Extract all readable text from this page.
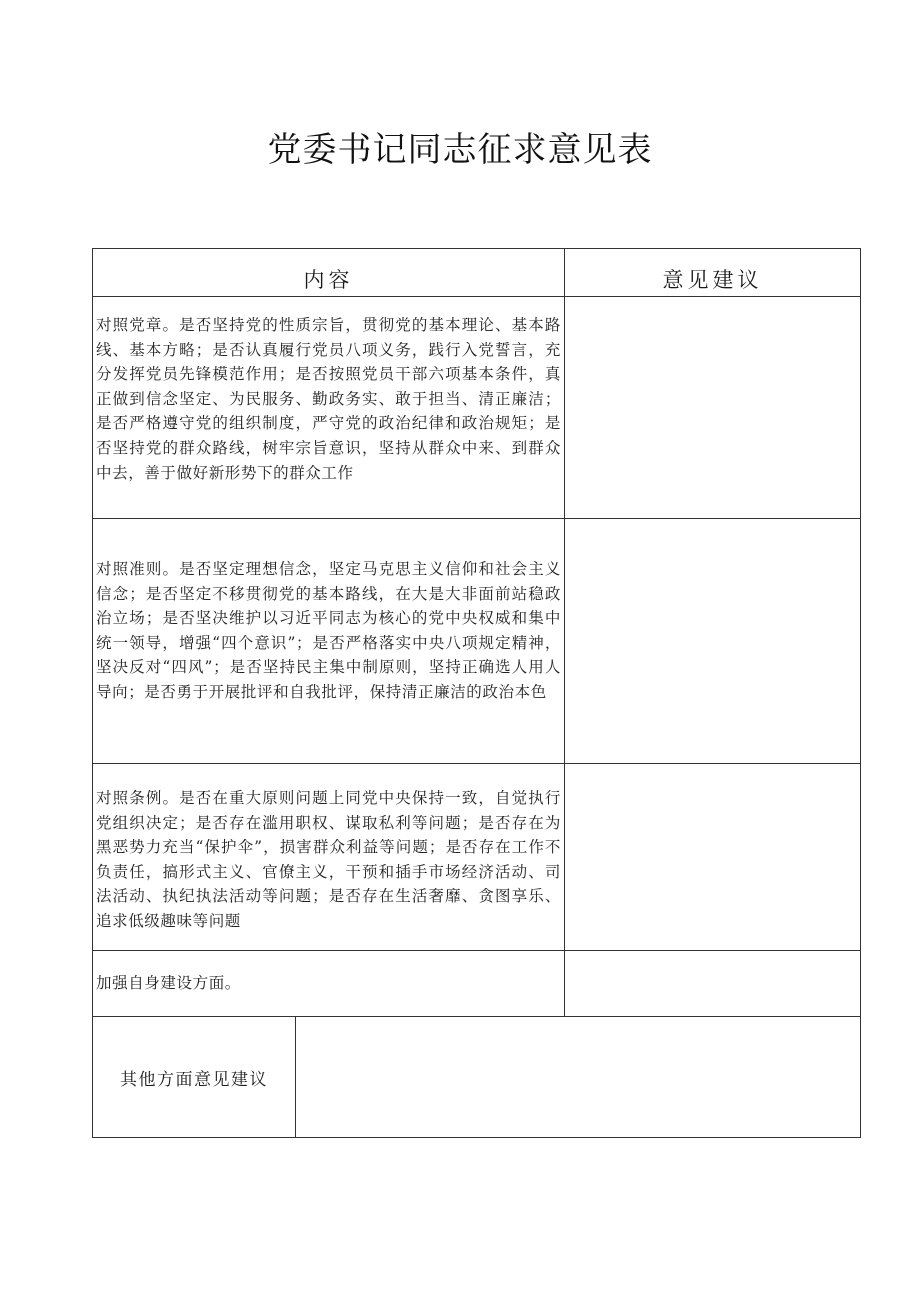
党委书记同志征求意见表
内容	意见建议
对照党章。是否坚持党的性质宗旨，贯彻党的基本理论、基本路线、基本方略；是否认真履行党员八项义务，践行入党誓言，充分发挥党员先锋模范作用；是否按照党员干部六项基本条件，真正做到信念坚定、为民服务、勤政务实、敢于担当、清正廉洁；是否严格遵守党的组织制度，严守党的政治纪律和政治规矩；是否坚持党的群众路线，树牢宗旨意识，坚持从群众中来、到群众中去，善于做好新形势下的群众工作
对照准则。是否坚定理想信念，坚定马克思主义信仰和社会主义信念；是否坚定不移贯彻党的基本路线，在大是大非面前站稳政治立场；是否坚决维护以习近平同志为核心的党中央权威和集中统一领导，增强“四个意识”；是否严格落实中央八项规定精神，坚决反对“四风”；是否坚持民主集中制原则，坚持正确选人用人导向；是否勇于开展批评和自我批评，保持清正廉洁的政治本色
对照条例。是否在重大原则问题上同党中央保持一致，自觉执行党组织决定；是否存在滥用职权、谋取私利等问题；是否存在为黑恶势力充当“保护伞”，损害群众利益等问题；是否存在工作不负责任，搞形式主义、官僚主义，干预和插手市场经济活动、司法活动、执纪执法活动等问题；是否存在生活奢靡、贪图享乐、追求低级趣味等问题
加强自身建设方面。
其他方面意见建议
